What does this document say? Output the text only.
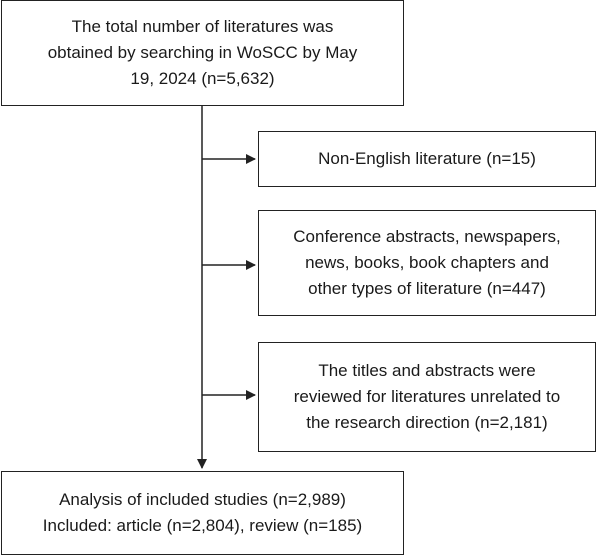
The total number of literatures was
obtained by searching in WoSCC by May
19, 2024 (n=5,632)
Non-English literature (n=15)
Conference abstracts, newspapers,
news, books, book chapters and
other types of literature (n=447)
The titles and abstracts were
reviewed for literatures unrelated to
the research direction (n=2,181)
Analysis of included studies (n=2,989)
Included: article (n=2,804), review (n=185)
